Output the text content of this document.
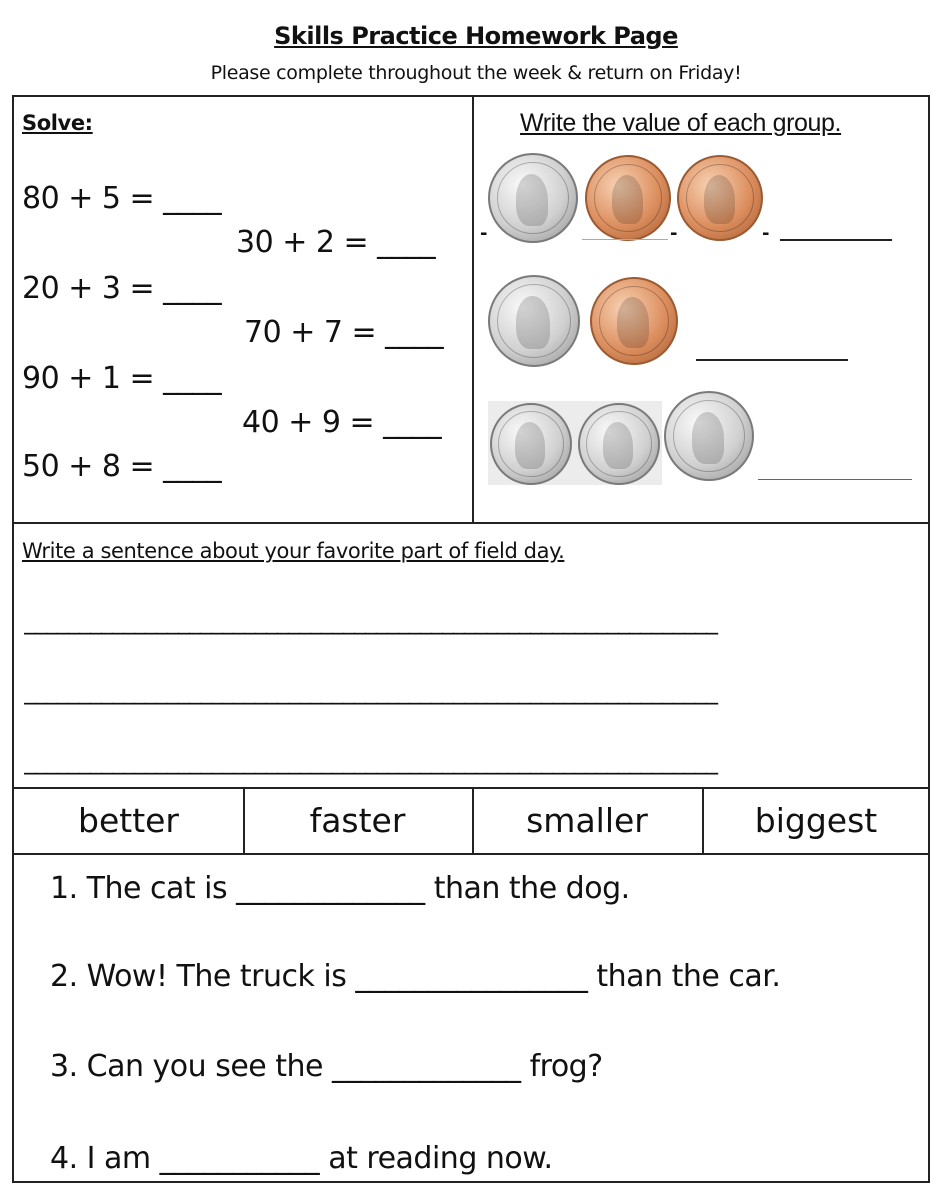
Skills Practice Homework Page
Please complete throughout the week & return on Friday!
Solve:
80 + 5 = ____
30 + 2 = ____
20 + 3 = ____
70 + 7 = ____
90 + 1 = ____
40 + 9 = ____
50 + 8 = ____
Write the value of each group.
-	-	-
Write a sentence about your favorite part of field day.
_______________________________________________________________
_______________________________________________________________
_______________________________________________________________
better	faster	smaller	biggest
1. The cat is _____________ than the dog.
2. Wow! The truck is ________________ than the car.
3. Can you see the _____________ frog?
4. I am ___________ at reading now.
